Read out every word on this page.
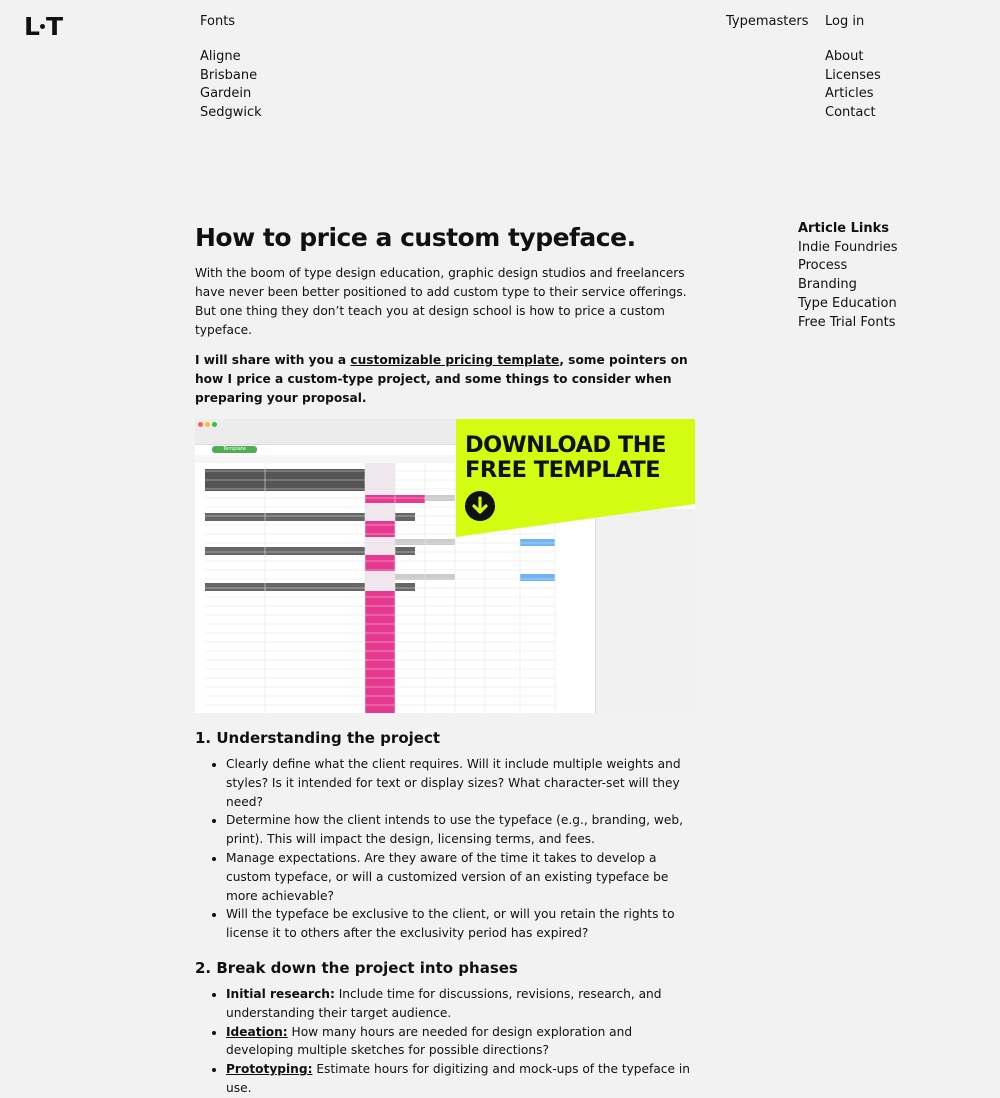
L T	Fonts	Typemasters Log in
Aligne
Brisbane
Gardein
Sedgwick
About
Licenses
Articles
Contact
How to price a custom typeface.

With the boom of type design education, graphic design studios and freelancers have never been better positioned to add custom type to their service offerings. But one thing they don’t teach you at design school is how to price a custom typeface.

I will share with you a customizable pricing template, some pointers on how I price a custom-type project, and some things to consider when preparing your proposal.

Template	DOWNLOAD THE
FREE TEMPLATE
1. Understanding the project
• Clearly define what the client requires. Will it include multiple weights and styles? Is it intended for text or display sizes? What character-set will they need?
• Determine how the client intends to use the typeface (e.g., branding, web, print). This will impact the design, licensing terms, and fees.
• Manage expectations. Are they aware of the time it takes to develop a custom typeface, or will a customized version of an existing typeface be more achievable?
• Will the typeface be exclusive to the client, or will you retain the rights to license it to others after the exclusivity period has expired?
2. Break down the project into phases
• Initial research: Include time for discussions, revisions, research, and understanding their target audience.
• Ideation: How many hours are needed for design exploration and developing multiple sketches for possible directions?
• Prototyping: Estimate hours for digitizing and mock-ups of the typeface in use.
Article Links
Indie Foundries
Process
Branding
Type Education
Free Trial Fonts
